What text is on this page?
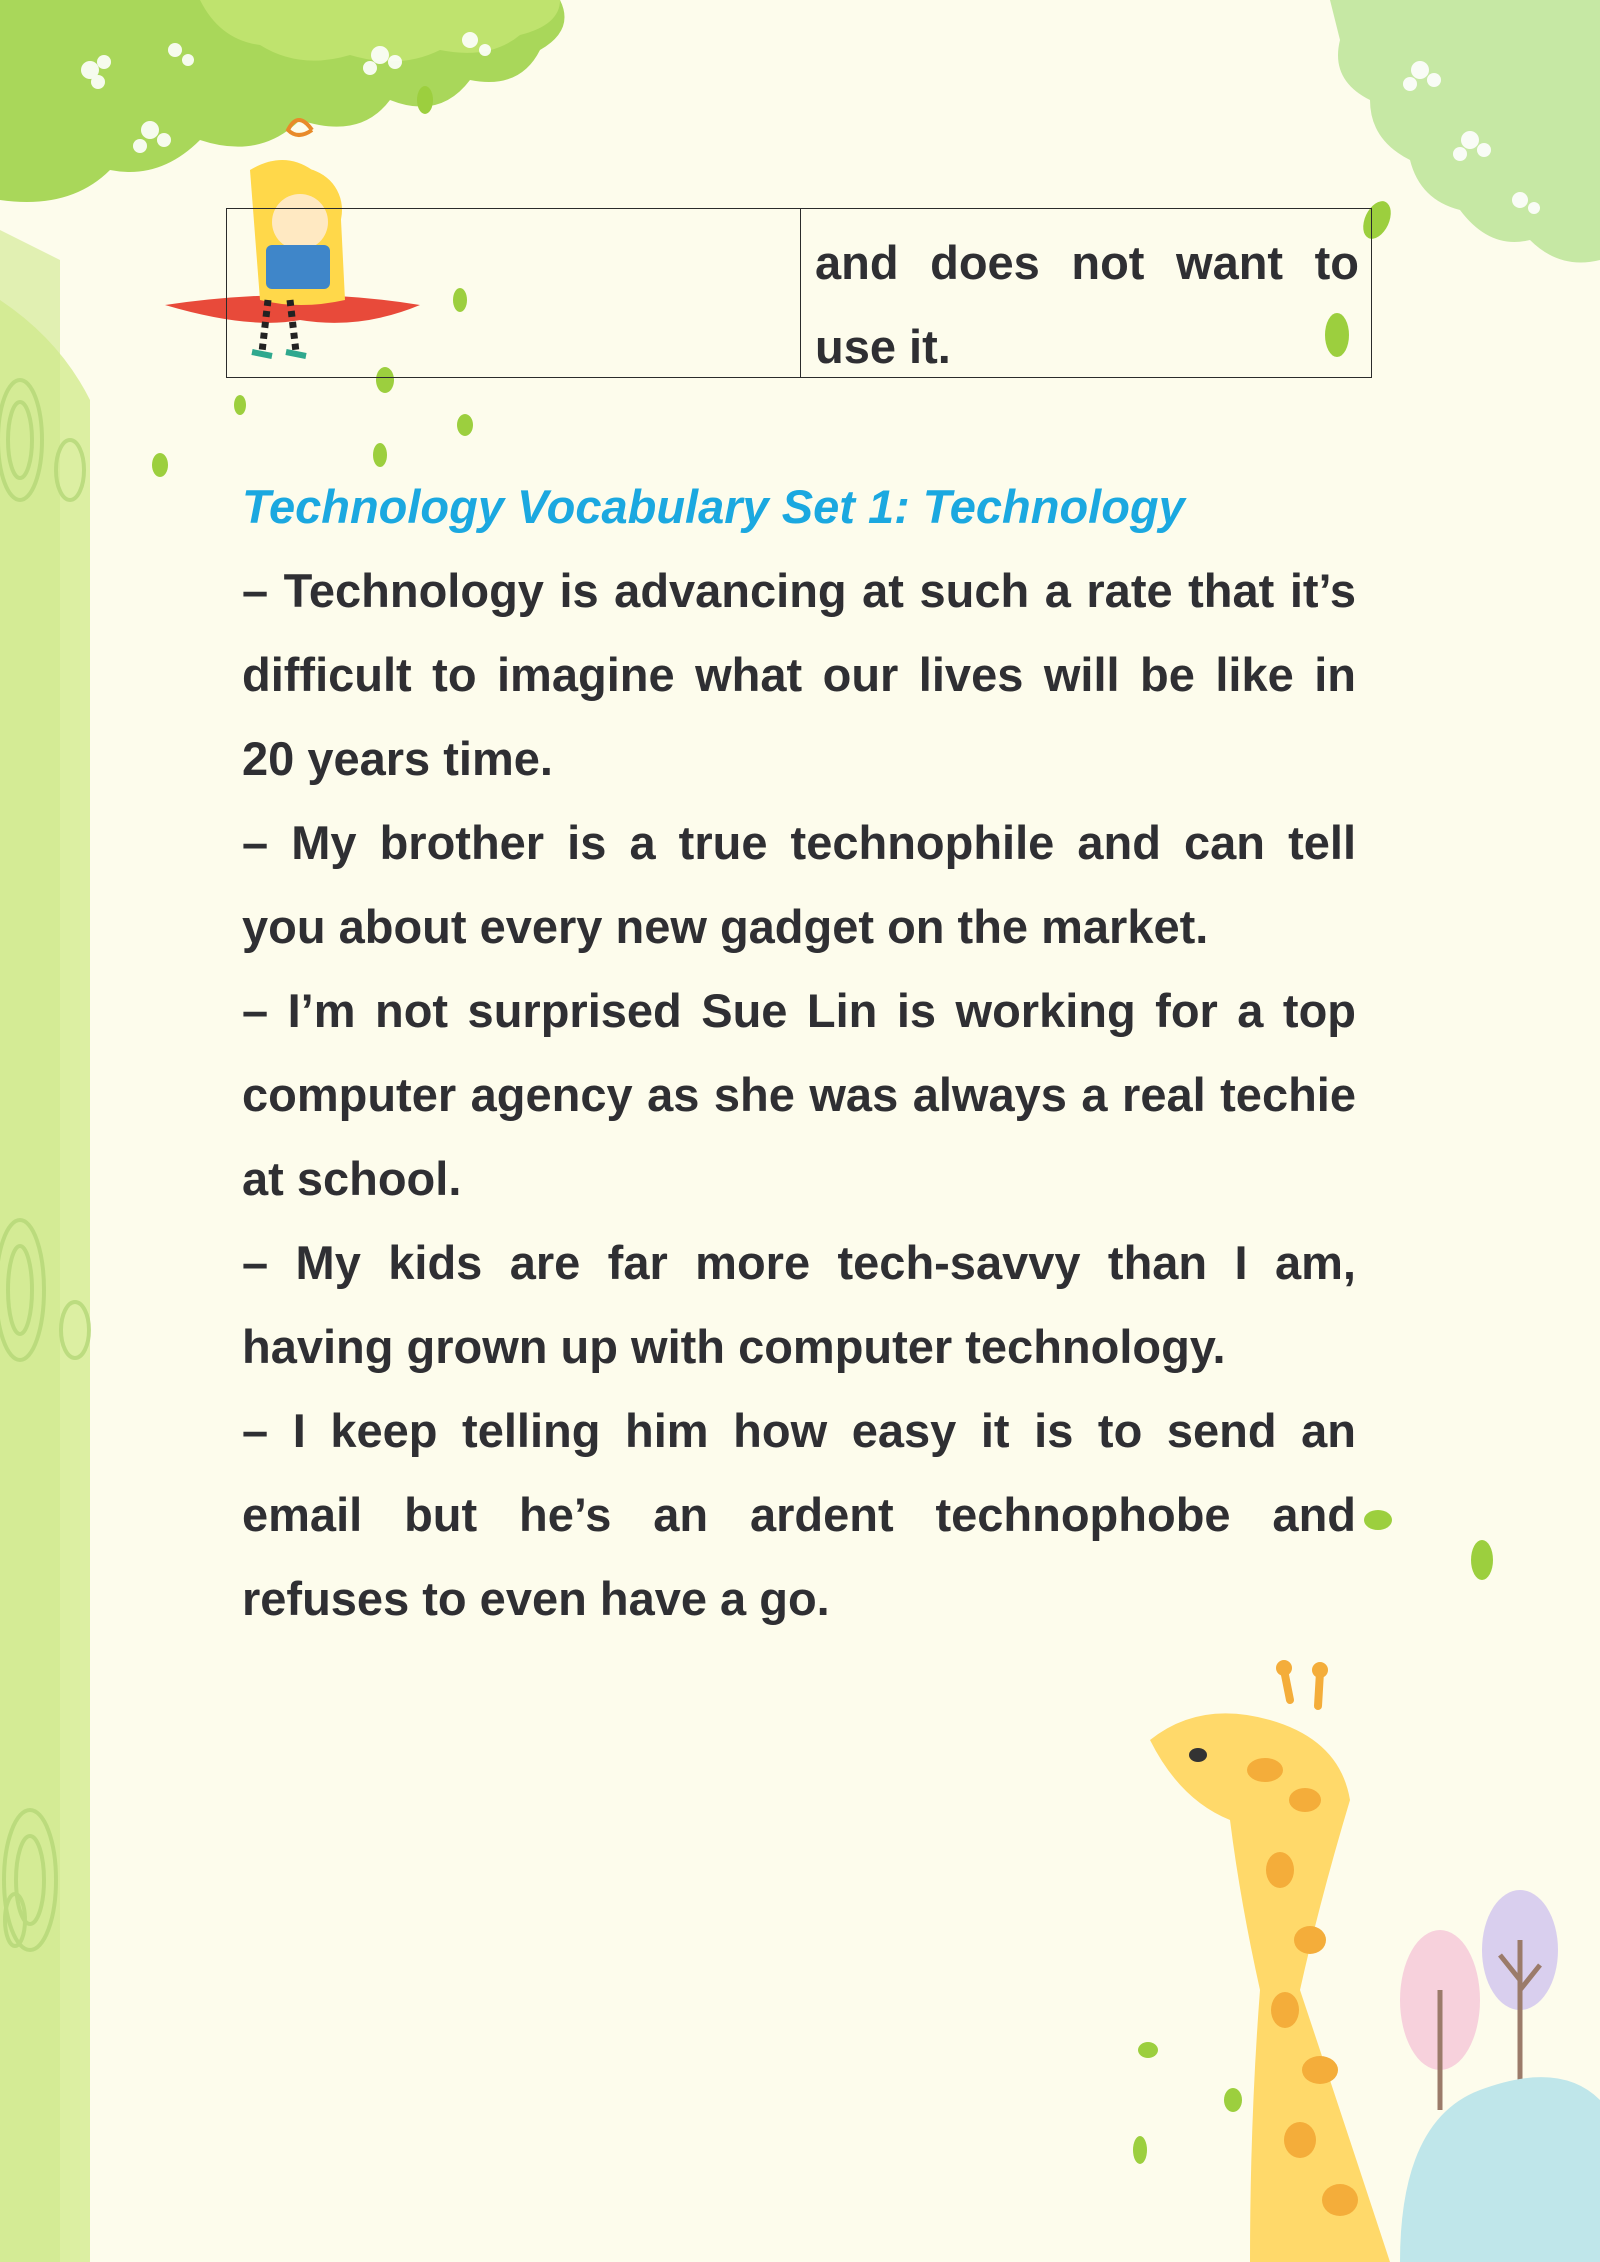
and does not want to
use it.
Technology Vocabulary Set 1: Technology
– Technology is advancing at such a rate that it’s
difficult to imagine what our lives will be like in
20 years time.
– My brother is a true technophile and can tell
you about every new gadget on the market.
– I’m not surprised Sue Lin is working for a top
computer agency as she was always a real techie
at school.
– My kids are far more tech-savvy than I am,
having grown up with computer technology.
– I keep telling him how easy it is to send an
email but he’s an ardent technophobe and
refuses to even have a go.
